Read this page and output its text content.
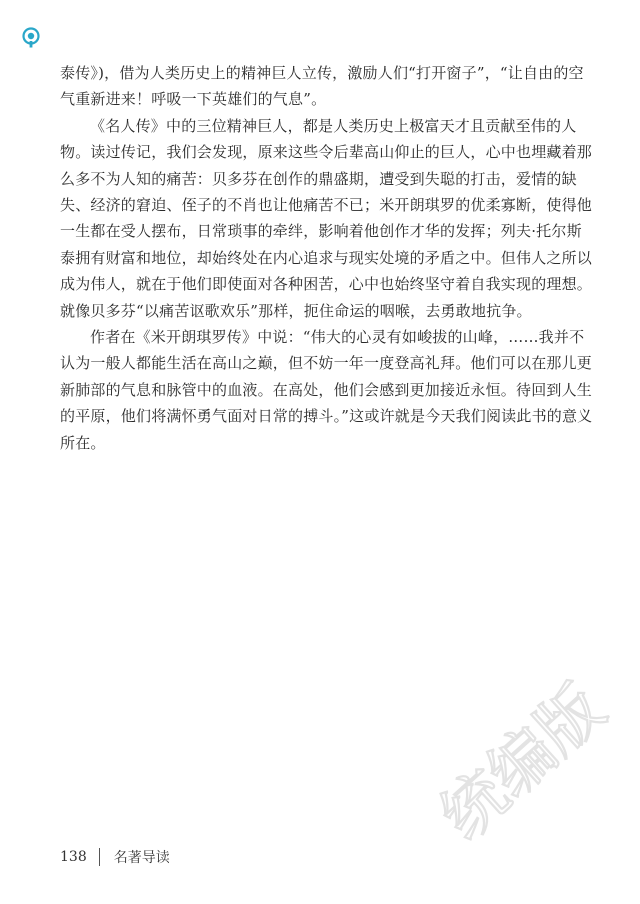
泰传》)，借为人类历史上的精神巨人立传，激励人们“打开窗子”，“让自由的空气重新进来！呼吸一下英雄们的气息”。

《名人传》中的三位精神巨人，都是人类历史上极富天才且贡献至伟的人物。读过传记，我们会发现，原来这些令后辈高山仰止的巨人，心中也埋藏着那么多不为人知的痛苦：贝多芬在创作的鼎盛期，遭受到失聪的打击，爱情的缺失、经济的窘迫、侄子的不肖也让他痛苦不已；米开朗琪罗的优柔寡断，使得他一生都在受人摆布，日常琐事的牵绊，影响着他创作才华的发挥；列夫·托尔斯泰拥有财富和地位，却始终处在内心追求与现实处境的矛盾之中。但伟人之所以成为伟人，就在于他们即使面对各种困苦，心中也始终坚守着自我实现的理想。就像贝多芬“以痛苦讴歌欢乐”那样，扼住命运的咽喉，去勇敢地抗争。

作者在《米开朗琪罗传》中说：“伟大的心灵有如峻拔的山峰，……我并不认为一般人都能生活在高山之巅，但不妨一年一度登高礼拜。他们可以在那儿更新肺部的气息和脉管中的血液。在高处，他们会感到更加接近永恒。待回到人生的平原，他们将满怀勇气面对日常的搏斗。”这或许就是今天我们阅读此书的意义所在。

统编版
138 名著导读
